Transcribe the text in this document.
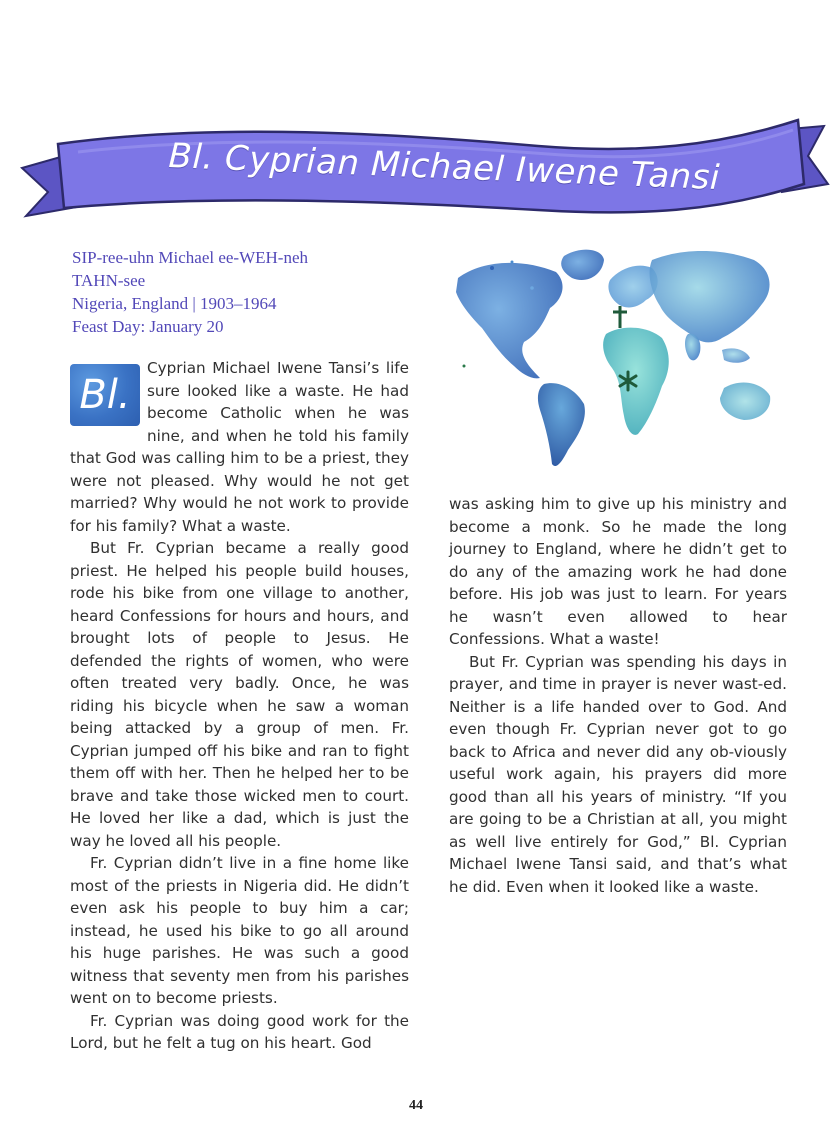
Bl. Cyprian Michael Iwene Tansi
SIP-ree-uhn Michael ee-WEH-neh
TAHN-see
Nigeria, England | 1903–1964
Feast Day: January 20

Bl.
Cyprian Michael Iwene Tansi’s life sure looked like a waste. He had become Catholic when he was nine, and when he told his family that God was calling him to be a priest, they were not pleased. Why would he not get married? Why would he not work to provide for his family? What a waste.

But Fr. Cyprian became a really good priest. He helped his people build houses, rode his bike from one village to another, heard Confessions for hours and hours, and brought lots of people to Jesus. He defended the rights of women, who were often treated very badly. Once, he was riding his bicycle when he saw a woman being attacked by a group of men. Fr. Cyprian jumped off his bike and ran to fight them off with her. Then he helped her to be brave and take those wicked men to court. He loved her like a dad, which is just the way he loved all his people.

Fr. Cyprian didn’t live in a fine home like most of the priests in Nigeria did. He didn’t even ask his people to buy him a car; instead, he used his bike to go all around his huge parishes. He was such a good witness that seventy men from his parishes went on to become priests.

Fr. Cyprian was doing good work for the Lord, but he felt a tug on his heart. God

was asking him to give up his ministry and become a monk. So he made the long journey to England, where he didn’t get to do any of the amazing work he had done before. His job was just to learn. For years he wasn’t even allowed to hear Confessions. What a waste!

But Fr. Cyprian was spending his days in prayer, and time in prayer is never wast-ed. Neither is a life handed over to God. And even though Fr. Cyprian never got to go back to Africa and never did any ob-viously useful work again, his prayers did more good than all his years of ministry. “If you are going to be a Christian at all, you might as well live entirely for God,” Bl. Cyprian Michael Iwene Tansi said, and that’s what he did. Even when it looked like a waste.

44
